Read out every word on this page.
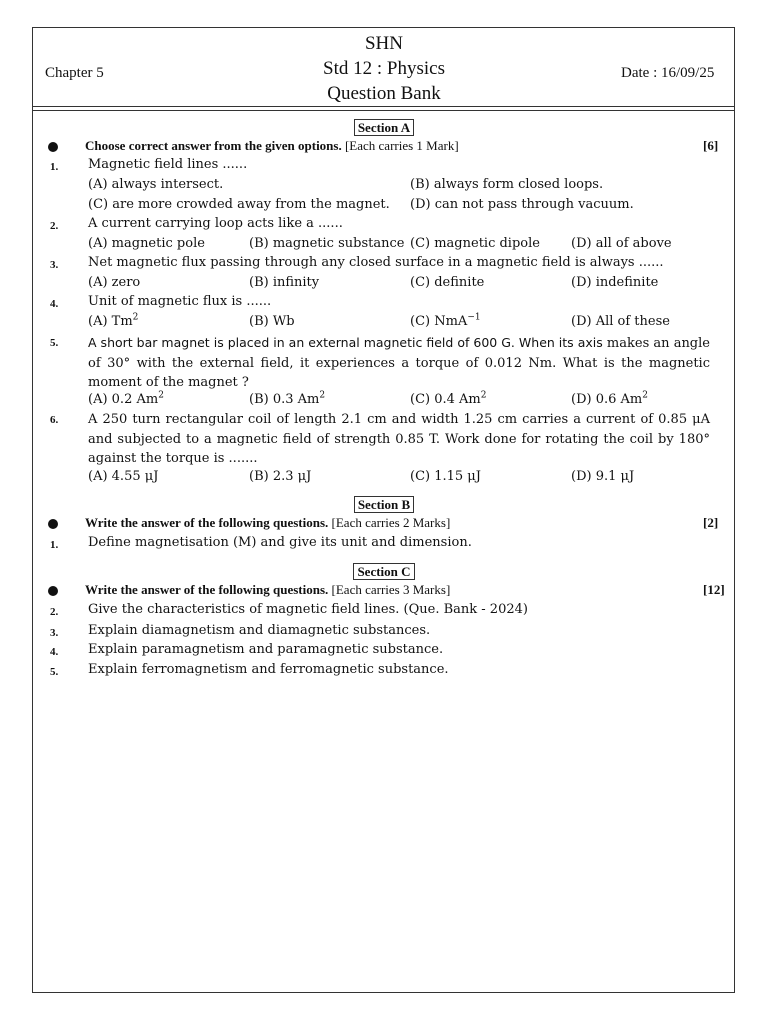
SHN
Std 12 : Physics
Question Bank
Chapter 5	Date : 16/09/25
Section A
Choose correct answer from the given options. [Each carries 1 Mark]	[6]
1. Magnetic field lines ......
(A) always intersect.	(B) always form closed loops.
(C) are more crowded away from the magnet. (D) can not pass through vacuum.
2. A current carrying loop acts like a ......
(A) magnetic pole	(B) magnetic substance (C) magnetic dipole (D) all of above
3. Net magnetic flux passing through any closed surface in a magnetic field is always ......
(A) zero	(B) infinity	(C) definite	(D) indefinite
4. Unit of magnetic flux is ......
(A) Tm$^2$	(B) Wb	(C) NmA$^{-1}$	(D) All of these
5. A short bar magnet is placed in an external magnetic field of 600 G. When its axis makes an angle of 30° with the external field, it experiences a torque of 0.012 Nm. What is the magnetic moment of the magnet ?
(A) 0.2 Am$^2$	(B) 0.3 Am$^2$	(C) 0.4 Am$^2$	(D) 0.6 Am$^2$
6. A 250 turn rectangular coil of length 2.1 cm and width 1.25 cm carries a current of 0.85 μA and subjected to a magnetic field of strength 0.85 T. Work done for rotating the coil by 180° against the torque is .......
(A) 4.55 μJ	(B) 2.3 μJ	(C) 1.15 μJ	(D) 9.1 μJ
Section B
Write the answer of the following questions. [Each carries 2 Marks]	[2]
1. Define magnetisation (M) and give its unit and dimension.
Section C
Write the answer of the following questions. [Each carries 3 Marks]	[12]
2. Give the characteristics of magnetic field lines. (Que. Bank - 2024)
3. Explain diamagnetism and diamagnetic substances.
4. Explain paramagnetism and paramagnetic substance.
5. Explain ferromagnetism and ferromagnetic substance.
